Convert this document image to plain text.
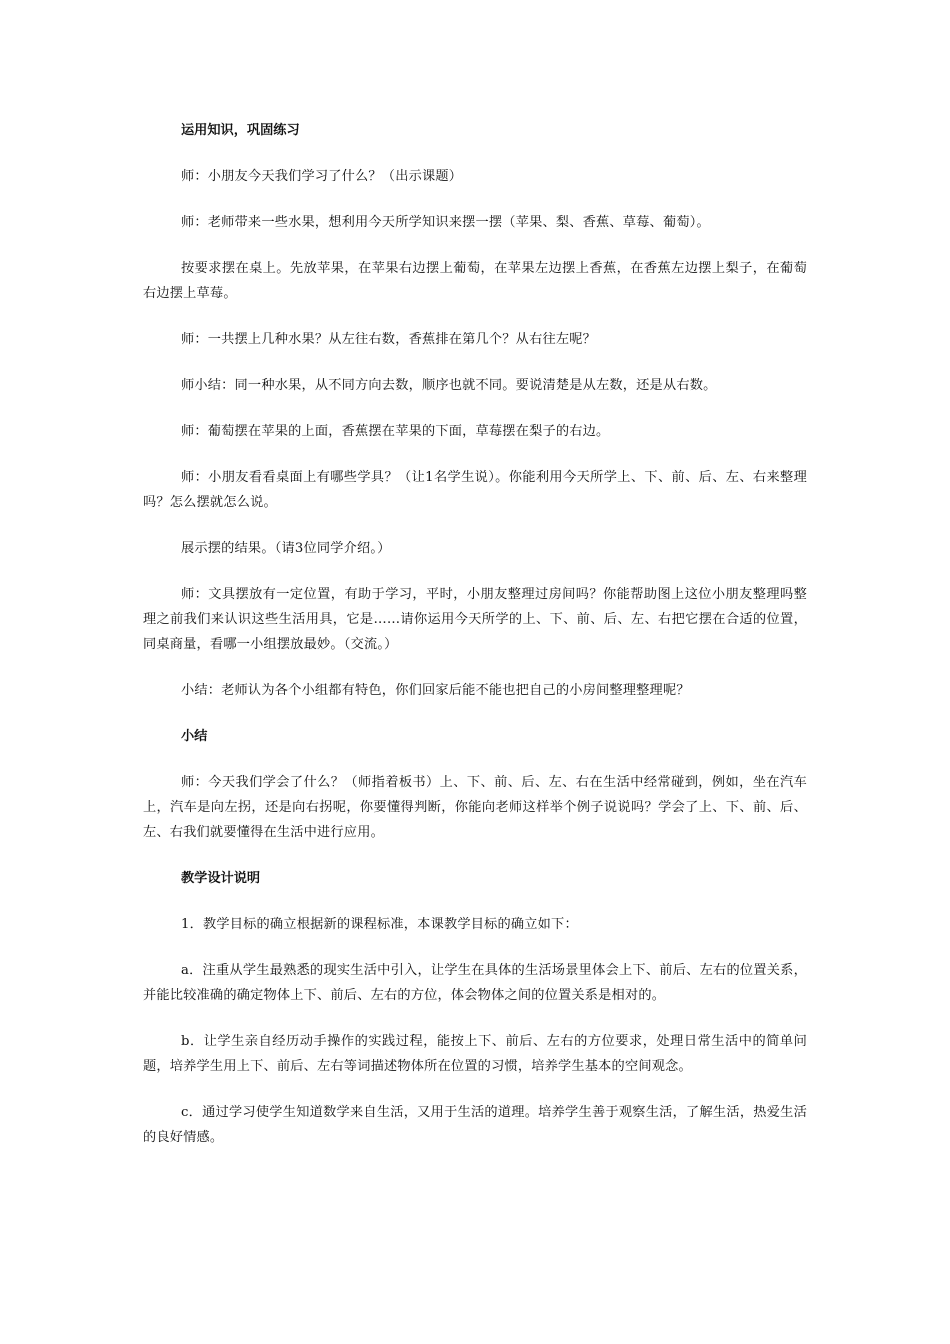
运用知识，巩固练习

师：小朋友今天我们学习了什么？（出示课题）

师：老师带来一些水果，想利用今天所学知识来摆一摆（苹果、梨、香蕉、草莓、葡萄）。

按要求摆在桌上。先放苹果，在苹果右边摆上葡萄，在苹果左边摆上香蕉，在香蕉左边摆上梨子，在葡萄右边摆上草莓。

师：一共摆上几种水果？从左往右数，香蕉排在第几个？从右往左呢？

师小结：同一种水果，从不同方向去数，顺序也就不同。要说清楚是从左数，还是从右数。

师：葡萄摆在苹果的上面，香蕉摆在苹果的下面，草莓摆在梨子的右边。

师：小朋友看看桌面上有哪些学具？（让1名学生说）。你能利用今天所学上、下、前、后、左、右来整理吗？怎么摆就怎么说。

展示摆的结果。（请3位同学介绍。）

师：文具摆放有一定位置，有助于学习，平时，小朋友整理过房间吗？你能帮助图上这位小朋友整理吗整理之前我们来认识这些生活用具，它是……请你运用今天所学的上、下、前、后、左、右把它摆在合适的位置，同桌商量，看哪一小组摆放最妙。（交流。）

小结：老师认为各个小组都有特色，你们回家后能不能也把自己的小房间整理整理呢？

小结

师：今天我们学会了什么？（师指着板书）上、下、前、后、左、右在生活中经常碰到，例如，坐在汽车上，汽车是向左拐，还是向右拐呢，你要懂得判断，你能向老师这样举个例子说说吗？学会了上、下、前、后、左、右我们就要懂得在生活中进行应用。

教学设计说明

1．教学目标的确立根据新的课程标准，本课教学目标的确立如下：

a．注重从学生最熟悉的现实生活中引入，让学生在具体的生活场景里体会上下、前后、左右的位置关系，并能比较准确的确定物体上下、前后、左右的方位，体会物体之间的位置关系是相对的。

b．让学生亲自经历动手操作的实践过程，能按上下、前后、左右的方位要求，处理日常生活中的简单问题，培养学生用上下、前后、左右等词描述物体所在位置的习惯，培养学生基本的空间观念。

c．通过学习使学生知道数学来自生活，又用于生活的道理。培养学生善于观察生活，了解生活，热爱生活的良好情感。
